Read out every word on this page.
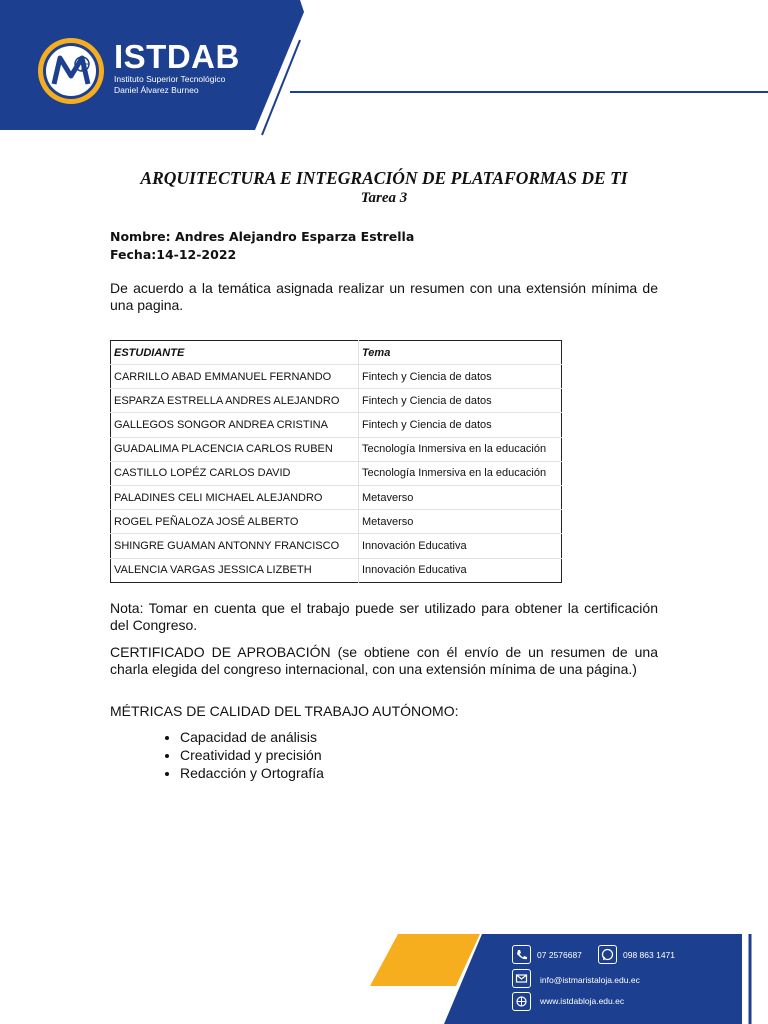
ISTDAB
Instituto Superior Tecnológico
Daniel Álvarez Burneo
ARQUITECTURA E INTEGRACIÓN DE PLATAFORMAS DE TI
Tarea 3
Nombre: Andres Alejandro Esparza Estrella
Fecha:14-12-2022
De acuerdo a la temática asignada realizar un resumen con una extensión mínima de una pagina.
ESTUDIANTE	Tema
CARRILLO ABAD EMMANUEL FERNANDO	Fintech y Ciencia de datos
ESPARZA ESTRELLA ANDRES ALEJANDRO	Fintech y Ciencia de datos
GALLEGOS SONGOR ANDREA CRISTINA	Fintech y Ciencia de datos
GUADALIMA PLACENCIA CARLOS RUBEN	Tecnología Inmersiva en la educación
CASTILLO LOPÉZ CARLOS DAVID	Tecnología Inmersiva en la educación
PALADINES CELI MICHAEL ALEJANDRO	Metaverso
ROGEL PEÑALOZA JOSÉ ALBERTO	Metaverso
SHINGRE GUAMAN ANTONNY FRANCISCO	Innovación Educativa
VALENCIA VARGAS JESSICA LIZBETH	Innovación Educativa
Nota: Tomar en cuenta que el trabajo puede ser utilizado para obtener la certificación del Congreso.
CERTIFICADO DE APROBACIÓN (se obtiene con él envío de un resumen de una charla elegida del congreso internacional, con una extensión mínima de una página.)
MÉTRICAS DE CALIDAD DEL TRABAJO AUTÓNOMO:
• Capacidad de análisis
• Creatividad y precisión
• Redacción y Ortografía
07 2576687	098 863 1471
info@istmaristaloja.edu.ec
www.istdabloja.edu.ec
